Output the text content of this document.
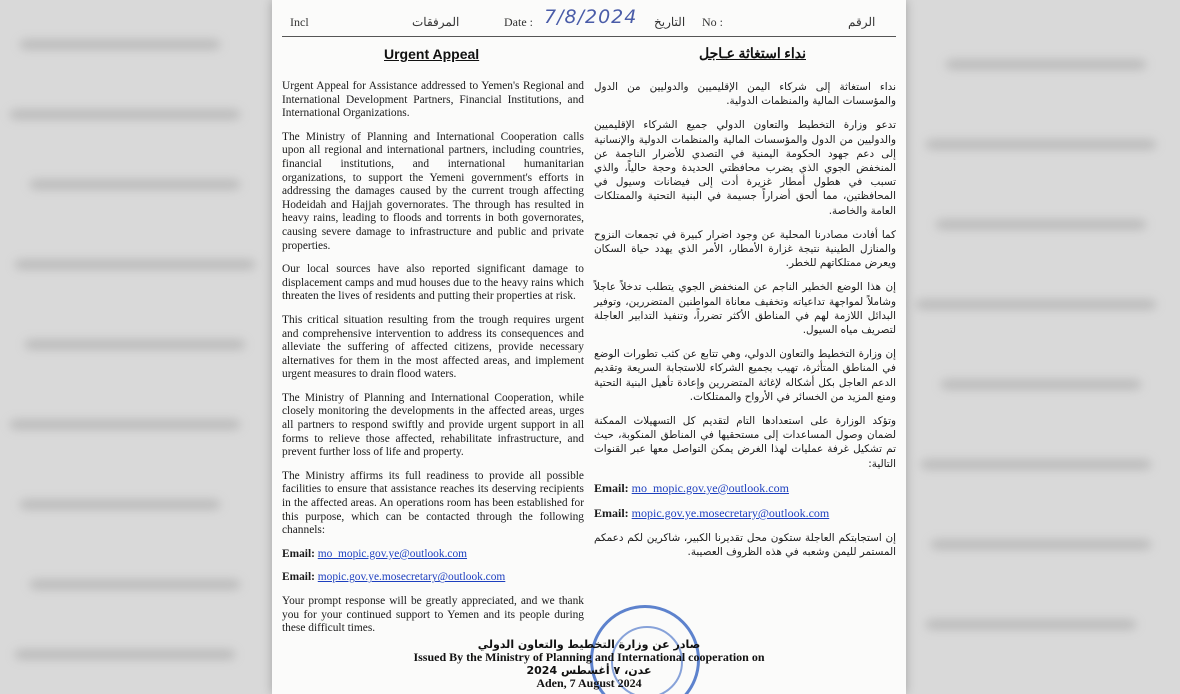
Incl	المرفقات	Date : 7/8/2024 التاريخ No :	الرقم
Urgent Appeal	نداء استغاثة عـاجل

Urgent Appeal for Assistance addressed to Yemen's Regional and International Development Partners, Financial Institutions, and International Organizations.

The Ministry of Planning and International Cooperation calls upon all regional and international partners, including countries, financial institutions, and international humanitarian organizations, to support the Yemeni government's efforts in addressing the damages caused by the current trough affecting Hodeidah and Hajjah governorates. The through has resulted in heavy rains, leading to floods and torrents in both governorates, causing severe damage to infrastructure and public and private properties.

Our local sources have also reported significant damage to displacement camps and mud houses due to the heavy rains which threaten the lives of residents and putting their properties at risk.

This critical situation resulting from the trough requires urgent and comprehensive intervention to address its consequences and alleviate the suffering of affected citizens, provide necessary alternatives for them in the most affected areas, and implement urgent measures to drain flood waters.

The Ministry of Planning and International Cooperation, while closely monitoring the developments in the affected areas, urges all partners to respond swiftly and provide urgent support in all forms to relieve those affected, rehabilitate infrastructure, and prevent further loss of life and property.

The Ministry affirms its full readiness to provide all possible facilities to ensure that assistance reaches its deserving recipients in the affected areas. An operations room has been established for this purpose, which can be contacted through the following channels:

Email: mo_mopic.gov.ye@outlook.com

Email: mopic.gov.ye.mosecretary@outlook.com

Your prompt response will be greatly appreciated, and we thank you for your continued support to Yemen and its people during these difficult times.

نداء استغاثة إلى شركاء اليمن الإقليميين والدوليين من الدول والمؤسسات المالية والمنظمات الدولية.

تدعو وزارة التخطيط والتعاون الدولي جميع الشركاء الإقليميين والدوليين من الدول والمؤسسات المالية والمنظمات الدولية والإنسانية إلى دعم جهود الحكومة اليمنية في التصدي للأضرار الناجمة عن المنخفض الجوي الذي يضرب محافظتي الحديدة وحجة حالياً، والذي تسبب في هطول أمطار غزيرة أدت إلى فيضانات وسيول في المحافظتين، مما ألحق أضراراً جسيمة في البنية التحتية والممتلكات العامة والخاصة.

كما أفادت مصادرنا المحلية عن وجود اضرار كبيرة في تجمعات النزوح والمنازل الطينية نتيجة غزارة الأمطار، الأمر الذي يهدد حياة السكان ويعرض ممتلكاتهم للخطر.

إن هذا الوضع الخطير الناجم عن المنخفض الجوي يتطلب تدخلاً عاجلاً وشاملاً لمواجهة تداعياته وتخفيف معاناة المواطنين المتضررين، وتوفير البدائل اللازمة لهم في المناطق الأكثر تضرراً، وتنفيذ التدابير العاجلة لتصريف مياه السيول.

إن وزارة التخطيط والتعاون الدولي، وهي تتابع عن كثب تطورات الوضع في المناطق المتأثرة، تهيب بجميع الشركاء للاستجابة السريعة وتقديم الدعم العاجل بكل أشكاله لإغاثة المتضررين وإعادة تأهيل البنية التحتية ومنع المزيد من الخسائر في الأرواح والممتلكات.

وتؤكد الوزارة على استعدادها التام لتقديم كل التسهيلات الممكنة لضمان وصول المساعدات إلى مستحقيها في المناطق المنكوبة، حيث تم تشكيل غرفة عمليات لهذا الغرض يمكن التواصل معها عبر القنوات التالية:

Email: mo_mopic.gov.ye@outlook.com

Email: mopic.gov.ye.mosecretary@outlook.com

إن استجابتكم العاجلة ستكون محل تقديرنا الكبير، شاكرين لكم دعمكم المستمر لليمن وشعبه في هذه الظروف العصيبة.

صادر عن وزارة التخطيط والتعاون الدولي
Issued By the Ministry of Planning and International cooperation on
عدن، ٧ أغسطس 2024
Aden, 7 August 2024
